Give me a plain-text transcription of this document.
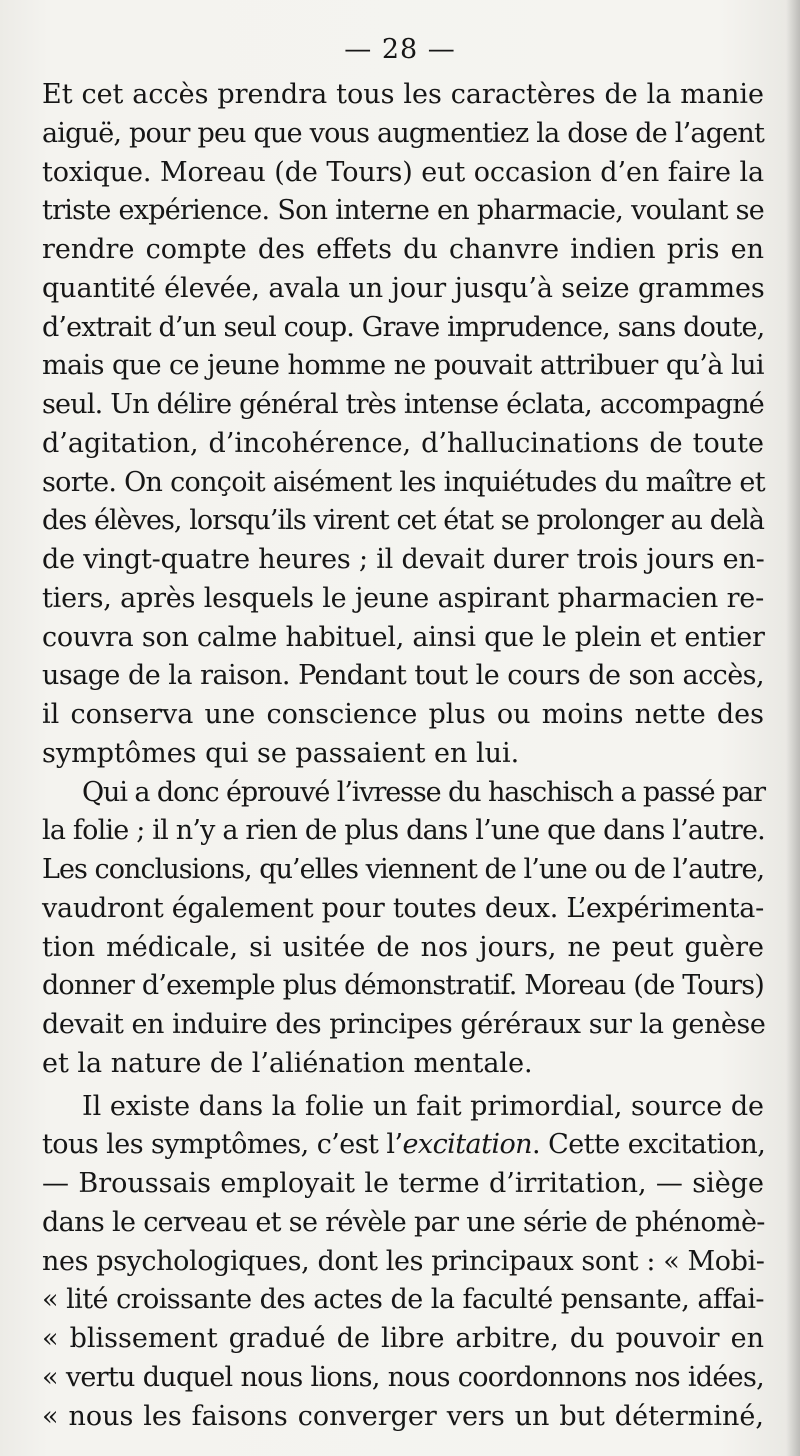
— 28 —
Et cet accès prendra tous les caractères de la manie
aiguë, pour peu que vous augmentiez la dose de l’agent
toxique. Moreau (de Tours) eut occasion d’en faire la
triste expérience. Son interne en pharmacie, voulant se
rendre compte des effets du chanvre indien pris en
quantité élevée, avala un jour jusqu’à seize grammes
d’extrait d’un seul coup. Grave imprudence, sans doute,
mais que ce jeune homme ne pouvait attribuer qu’à lui
seul. Un délire général très intense éclata, accompagné
d’agitation, d’incohérence, d’hallucinations de toute
sorte. On conçoit aisément les inquiétudes du maître et
des élèves, lorsqu’ils virent cet état se prolonger au delà
de vingt-quatre heures ; il devait durer trois jours en-
tiers, après lesquels le jeune aspirant pharmacien re-
couvra son calme habituel, ainsi que le plein et entier
usage de la raison. Pendant tout le cours de son accès,
il conserva une conscience plus ou moins nette des
symptômes qui se passaient en lui.
Qui a donc éprouvé l’ivresse du haschisch a passé par
la folie ; il n’y a rien de plus dans l’une que dans l’autre.
Les conclusions, qu’elles viennent de l’une ou de l’autre,
vaudront également pour toutes deux. L’expérimenta-
tion médicale, si usitée de nos jours, ne peut guère
donner d’exemple plus démonstratif. Moreau (de Tours)
devait en induire des principes géréraux sur la genèse
et la nature de l’aliénation mentale.
Il existe dans la folie un fait primordial, source de
tous les symptômes, c’est l’excitation. Cette excitation,
— Broussais employait le terme d’irritation, — siège
dans le cerveau et se révèle par une série de phénomè-
nes psychologiques, dont les principaux sont : « Mobi-
« lité croissante des actes de la faculté pensante, affai-
« blissement gradué de libre arbitre, du pouvoir en
« vertu duquel nous lions, nous coordonnons nos idées,
« nous les faisons converger vers un but déterminé,
